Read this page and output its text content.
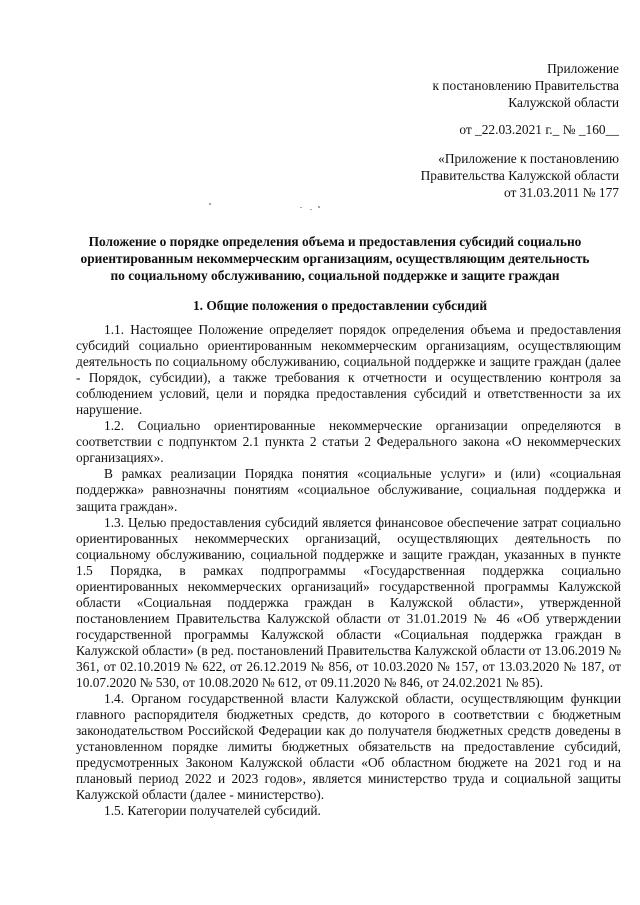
Приложение
к постановлению Правительства
Калужской области
от _22.03.2021 г._ № _160__
«Приложение к постановлению
Правительства Калужской области
от 31.03.2011 № 177
Положение о порядке определения объема и предоставления субсидий социально
ориентированным некоммерческим организациям, осуществляющим деятельность
по социальному обслуживанию, социальной поддержке и защите граждан
1. Общие положения о предоставлении субсидий

1.1. Настоящее Положение определяет порядок определения объема и предоставления субсидий социально ориентированным некоммерческим организациям, осуществляющим деятельность по социальному обслуживанию, социальной поддержке и защите граждан (далее - Порядок, субсидии), а также требования к отчетности и осуществлению контроля за соблюдением условий, цели и порядка предоставления субсидий и ответственности за их нарушение.

1.2. Социально ориентированные некоммерческие организации определяются в соответствии с подпунктом 2.1 пункта 2 статьи 2 Федерального закона «О некоммерческих организациях».

В рамках реализации Порядка понятия «социальные услуги» и (или) «социальная поддержка» равнозначны понятиям «социальное обслуживание, социальная поддержка и защита граждан».

1.3. Целью предоставления субсидий является финансовое обеспечение затрат социально ориентированных некоммерческих организаций, осуществляющих деятельность по социальному обслуживанию, социальной поддержке и защите граждан, указанных в пункте 1.5 Порядка, в рамках подпрограммы «Государственная поддержка социально ориентированных некоммерческих организаций» государственной программы Калужской области «Социальная поддержка граждан в Калужской области», утвержденной постановлением Правительства Калужской области от 31.01.2019 № 46 «Об утверждении государственной программы Калужской области «Социальная поддержка граждан в Калужской области» (в ред. постановлений Правительства Калужской области от 13.06.2019 № 361, от 02.10.2019 № 622, от 26.12.2019 № 856, от 10.03.2020 № 157, от 13.03.2020 № 187, от 10.07.2020 № 530, от 10.08.2020 № 612, от 09.11.2020 № 846, от 24.02.2021 № 85).

1.4. Органом государственной власти Калужской области, осуществляющим функции главного распорядителя бюджетных средств, до которого в соответствии с бюджетным законодательством Российской Федерации как до получателя бюджетных средств доведены в установленном порядке лимиты бюджетных обязательств на предоставление субсидий, предусмотренных Законом Калужской области «Об областном бюджете на 2021 год и на плановый период 2022 и 2023 годов», является министерство труда и социальной защиты Калужской области (далее - министерство).

1.5. Категории получателей субсидий.
